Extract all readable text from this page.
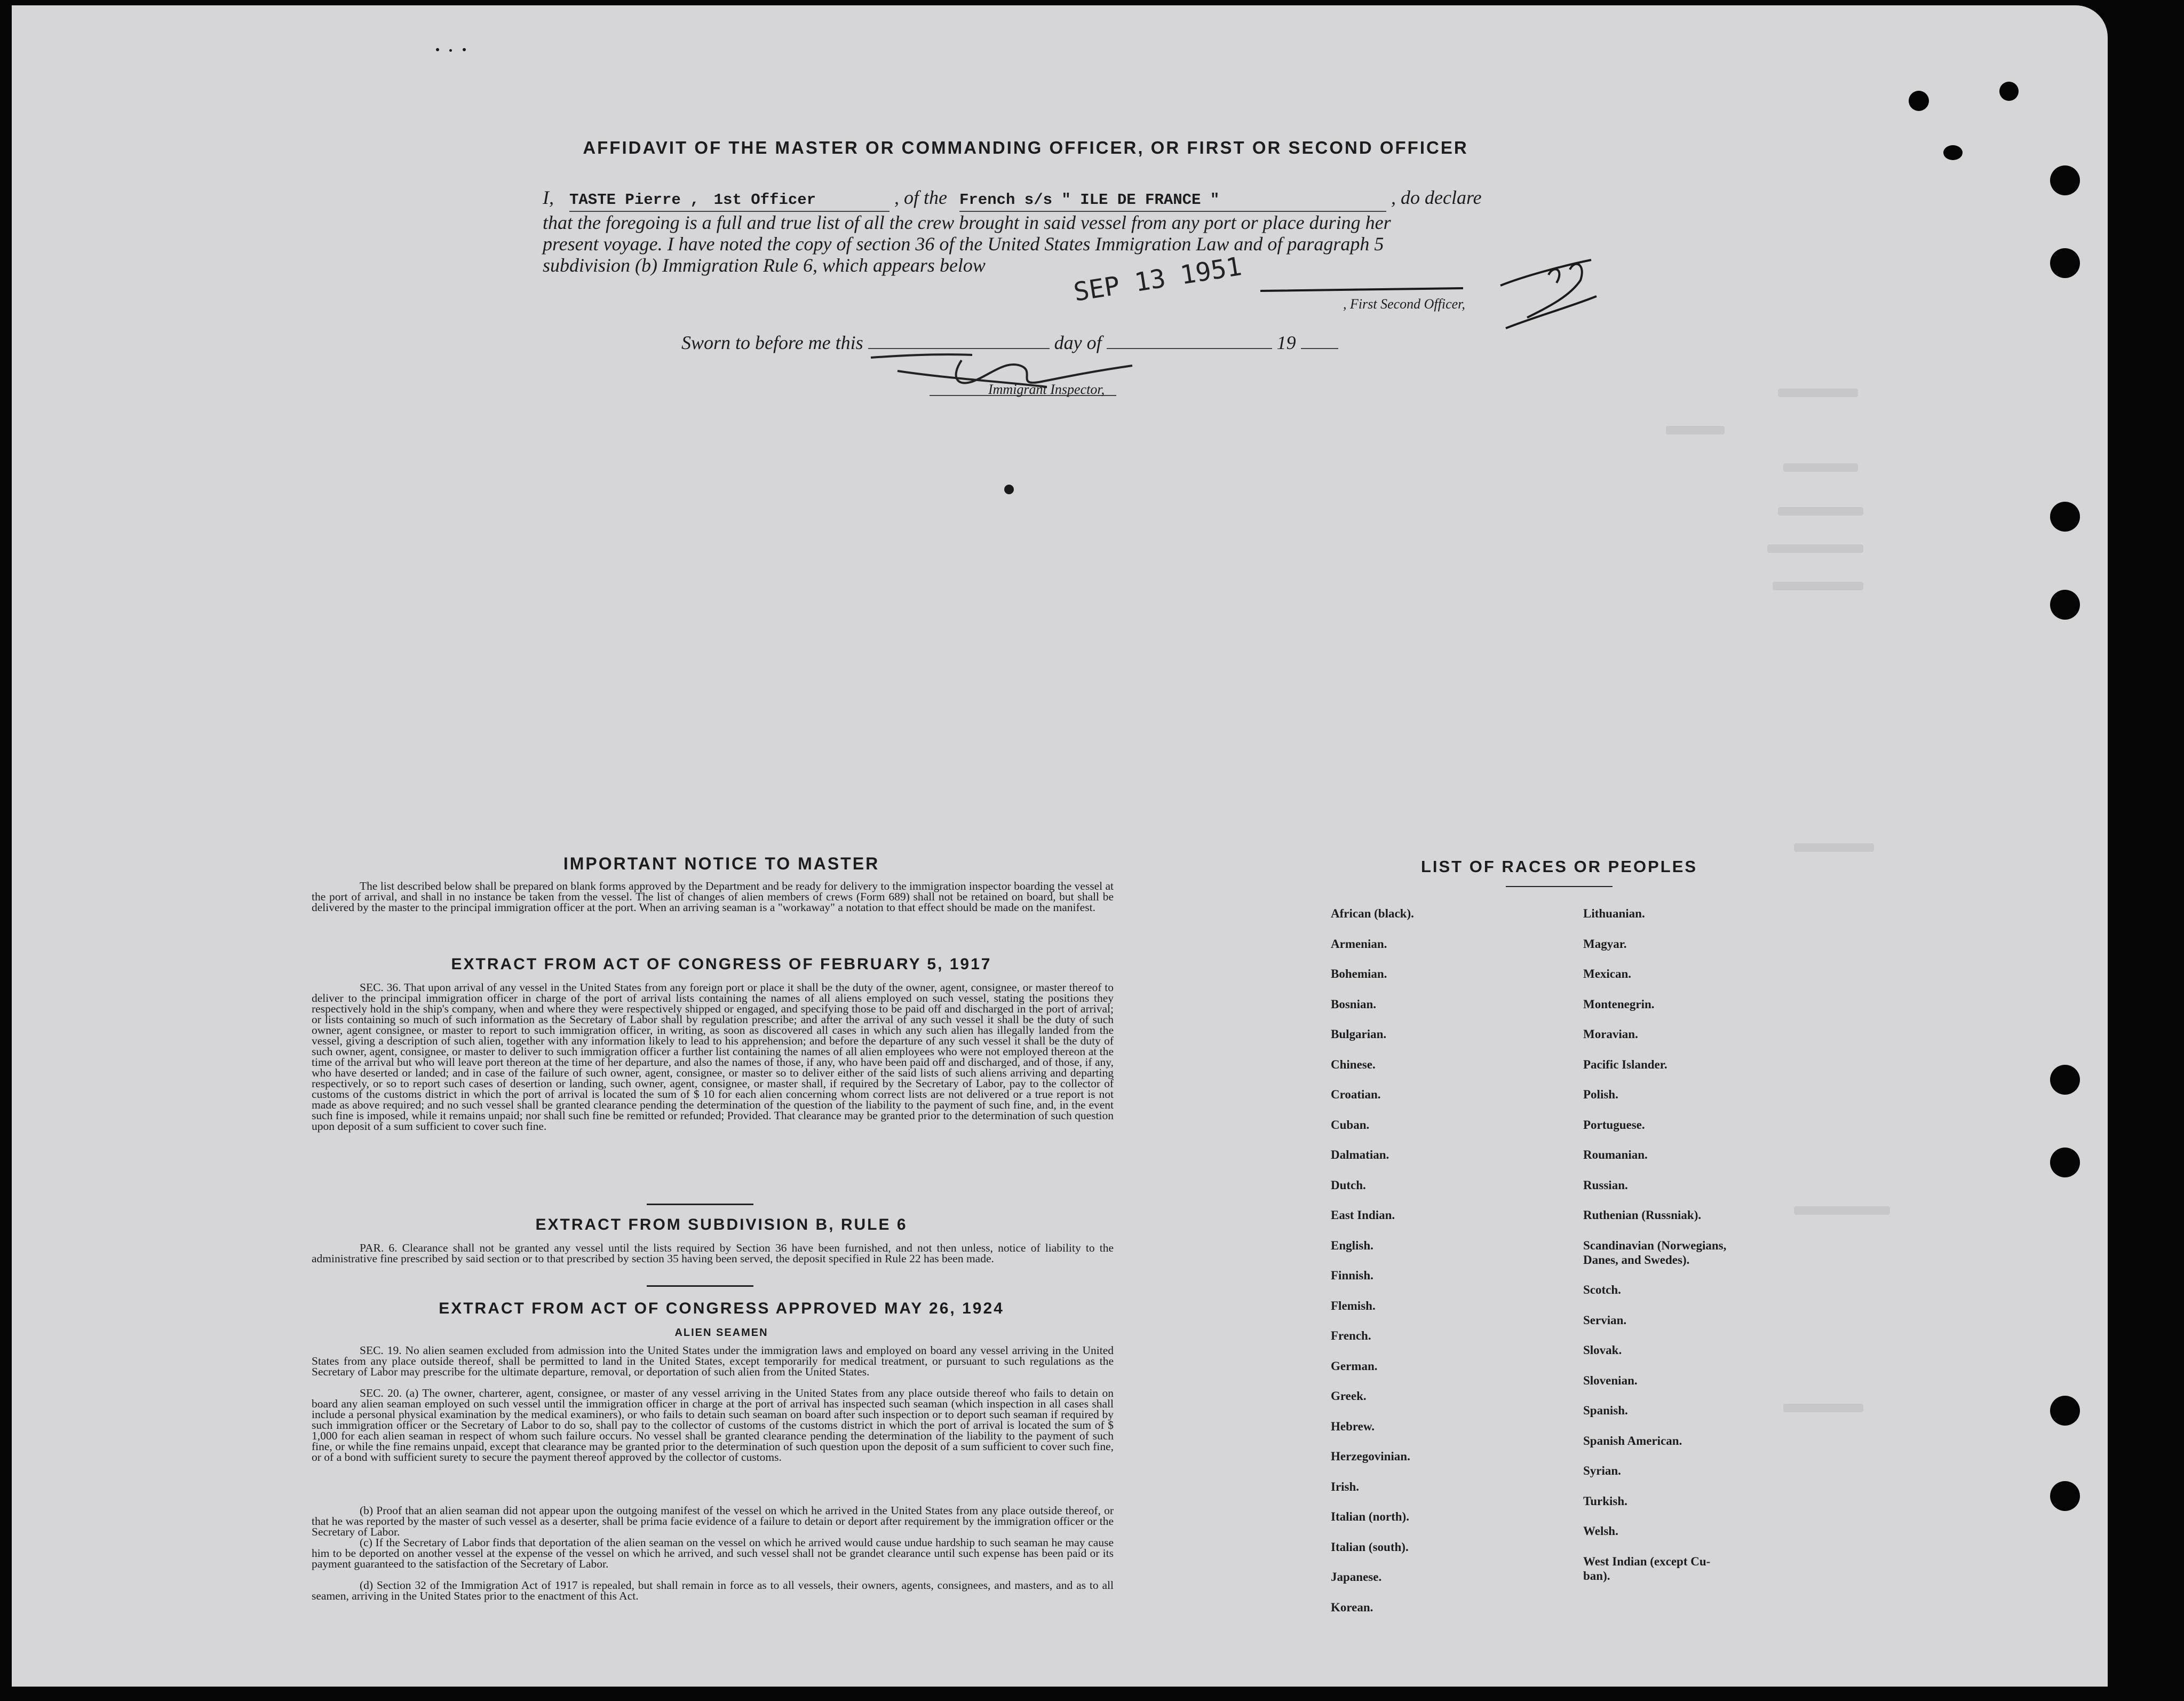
AFFIDAVIT OF THE MASTER OR COMMANDING OFFICER, OR FIRST OR SECOND OFFICER
I, TASTE Pierre , 1st Officer	, of the French s/s " ILE DE FRANCE "	, do declare
that the foregoing is a full and true list of all the crew brought in said vessel from any port or place during her
present voyage. I have noted the copy of section 36 of the United States Immigration Law and of paragraph 5
subdivision (b) Immigration Rule 6, which appears below	SEP 13 1951	, First Second Officer,
Sworn to before me this	day of	19
Immigrant Inspector,
IMPORTANT NOTICE TO MASTER
The list described below shall be prepared on blank forms approved by the Department and be ready for delivery to the immigration inspector boarding the vessel at the port of arrival, and shall in no instance be taken from the vessel. The list of changes of alien members of crews (Form 689) shall not be retained on board, but shall be delivered by the master to the principal immigration officer at the port. When an arriving seaman is a "workaway" a notation to that effect should be made on the manifest.
EXTRACT FROM ACT OF CONGRESS OF FEBRUARY 5, 1917
SEC. 36. That upon arrival of any vessel in the United States from any foreign port or place it shall be the duty of the owner, agent, consignee, or master thereof to deliver to the principal immigration officer in charge of the port of arrival lists containing the names of all aliens employed on such vessel, stating the positions they respectively hold in the ship's company, when and where they were respectively shipped or engaged, and specifying those to be paid off and discharged in the port of arrival; or lists containing so much of such information as the Secretary of Labor shall by regulation prescribe; and after the arrival of any such vessel it shall be the duty of such owner, agent consignee, or master to report to such immigration officer, in writing, as soon as discovered all cases in which any such alien has illegally landed from the vessel, giving a description of such alien, together with any information likely to lead to his apprehension; and before the departure of any such vessel it shall be the duty of such owner, agent, consignee, or master to deliver to such immigration officer a further list containing the names of all alien employees who were not employed thereon at the time of the arrival but who will leave port thereon at the time of her departure, and also the names of those, if any, who have been paid off and discharged, and of those, if any, who have deserted or landed; and in case of the failure of such owner, agent, consignee, or master so to deliver either of the said lists of such aliens arriving and departing respectively, or so to report such cases of desertion or landing, such owner, agent, consignee, or master shall, if required by the Secretary of Labor, pay to the collector of customs of the customs district in which the port of arrival is located the sum of $ 10 for each alien concerning whom correct lists are not delivered or a true report is not made as above required; and no such vessel shall be granted clearance pending the determination of the question of the liability to the payment of such fine, and, in the event such fine is imposed, while it remains unpaid; nor shall such fine be remitted or refunded; Provided. That clearance may be granted prior to the determination of such question upon deposit of a sum sufficient to cover such fine.
EXTRACT FROM SUBDIVISION B, RULE 6
PAR. 6. Clearance shall not be granted any vessel until the lists required by Section 36 have been furnished, and not then unless, notice of liability to the administrative fine prescribed by said section or to that prescribed by section 35 having been served, the deposit specified in Rule 22 has been made.
EXTRACT FROM ACT OF CONGRESS APPROVED MAY 26, 1924
ALIEN SEAMEN
SEC. 19. No alien seamen excluded from admission into the United States under the immigration laws and employed on board any vessel arriving in the United States from any place outside thereof, shall be permitted to land in the United States, except temporarily for medical treatment, or pursuant to such regulations as the Secretary of Labor may prescribe for the ultimate departure, removal, or deportation of such alien from the United States.
SEC. 20. (a) The owner, charterer, agent, consignee, or master of any vessel arriving in the United States from any place outside thereof who fails to detain on board any alien seaman employed on such vessel until the immigration officer in charge at the port of arrival has inspected such seaman (which inspection in all cases shall include a personal physical examination by the medical examiners), or who fails to detain such seaman on board after such inspection or to deport such seaman if required by such immigration officer or the Secretary of Labor to do so, shall pay to the collector of customs of the customs district in which the port of arrival is located the sum of $ 1,000 for each alien seaman in respect of whom such failure occurs. No vessel shall be granted clearance pending the determination of the liability to the payment of such fine, or while the fine remains unpaid, except that clearance may be granted prior to the determination of such question upon the deposit of a sum sufficient to cover such fine, or of a bond with sufficient surety to secure the payment thereof approved by the collector of customs.
(b) Proof that an alien seaman did not appear upon the outgoing manifest of the vessel on which he arrived in the United States from any place outside thereof, or that he was reported by the master of such vessel as a deserter, shall be prima facie evidence of a failure to detain or deport after requirement by the immigration officer or the Secretary of Labor.
(c) If the Secretary of Labor finds that deportation of the alien seaman on the vessel on which he arrived would cause undue hardship to such seaman he may cause him to be deported on another vessel at the expense of the vessel on which he arrived, and such vessel shall not be grandet clearance until such expense has been paid or its payment guaranteed to the satisfaction of the Secretary of Labor.
(d) Section 32 of the Immigration Act of 1917 is repealed, but shall remain in force as to all vessels, their owners, agents, consignees, and masters, and as to all seamen, arriving in the United States prior to the enactment of this Act.
LIST OF RACES OR PEOPLES
African (black).
Armenian.
Bohemian.
Bosnian.
Bulgarian.
Chinese.
Croatian.
Cuban.
Dalmatian.
Dutch.
East Indian.
English.
Finnish.
Flemish.
French.
German.
Greek.
Hebrew.
Herzegovinian.
Irish.
Italian (north).
Italian (south).
Japanese.
Korean.
Lithuanian.
Magyar.
Mexican.
Montenegrin.
Moravian.
Pacific Islander.
Polish.
Portuguese.
Roumanian.
Russian.
Ruthenian (Russniak).
Scandinavian (Norwegians,
Danes, and Swedes).
Scotch.
Servian.
Slovak.
Slovenian.
Spanish.
Spanish American.
Syrian.
Turkish.
Welsh.
West Indian (except Cu-
ban).
